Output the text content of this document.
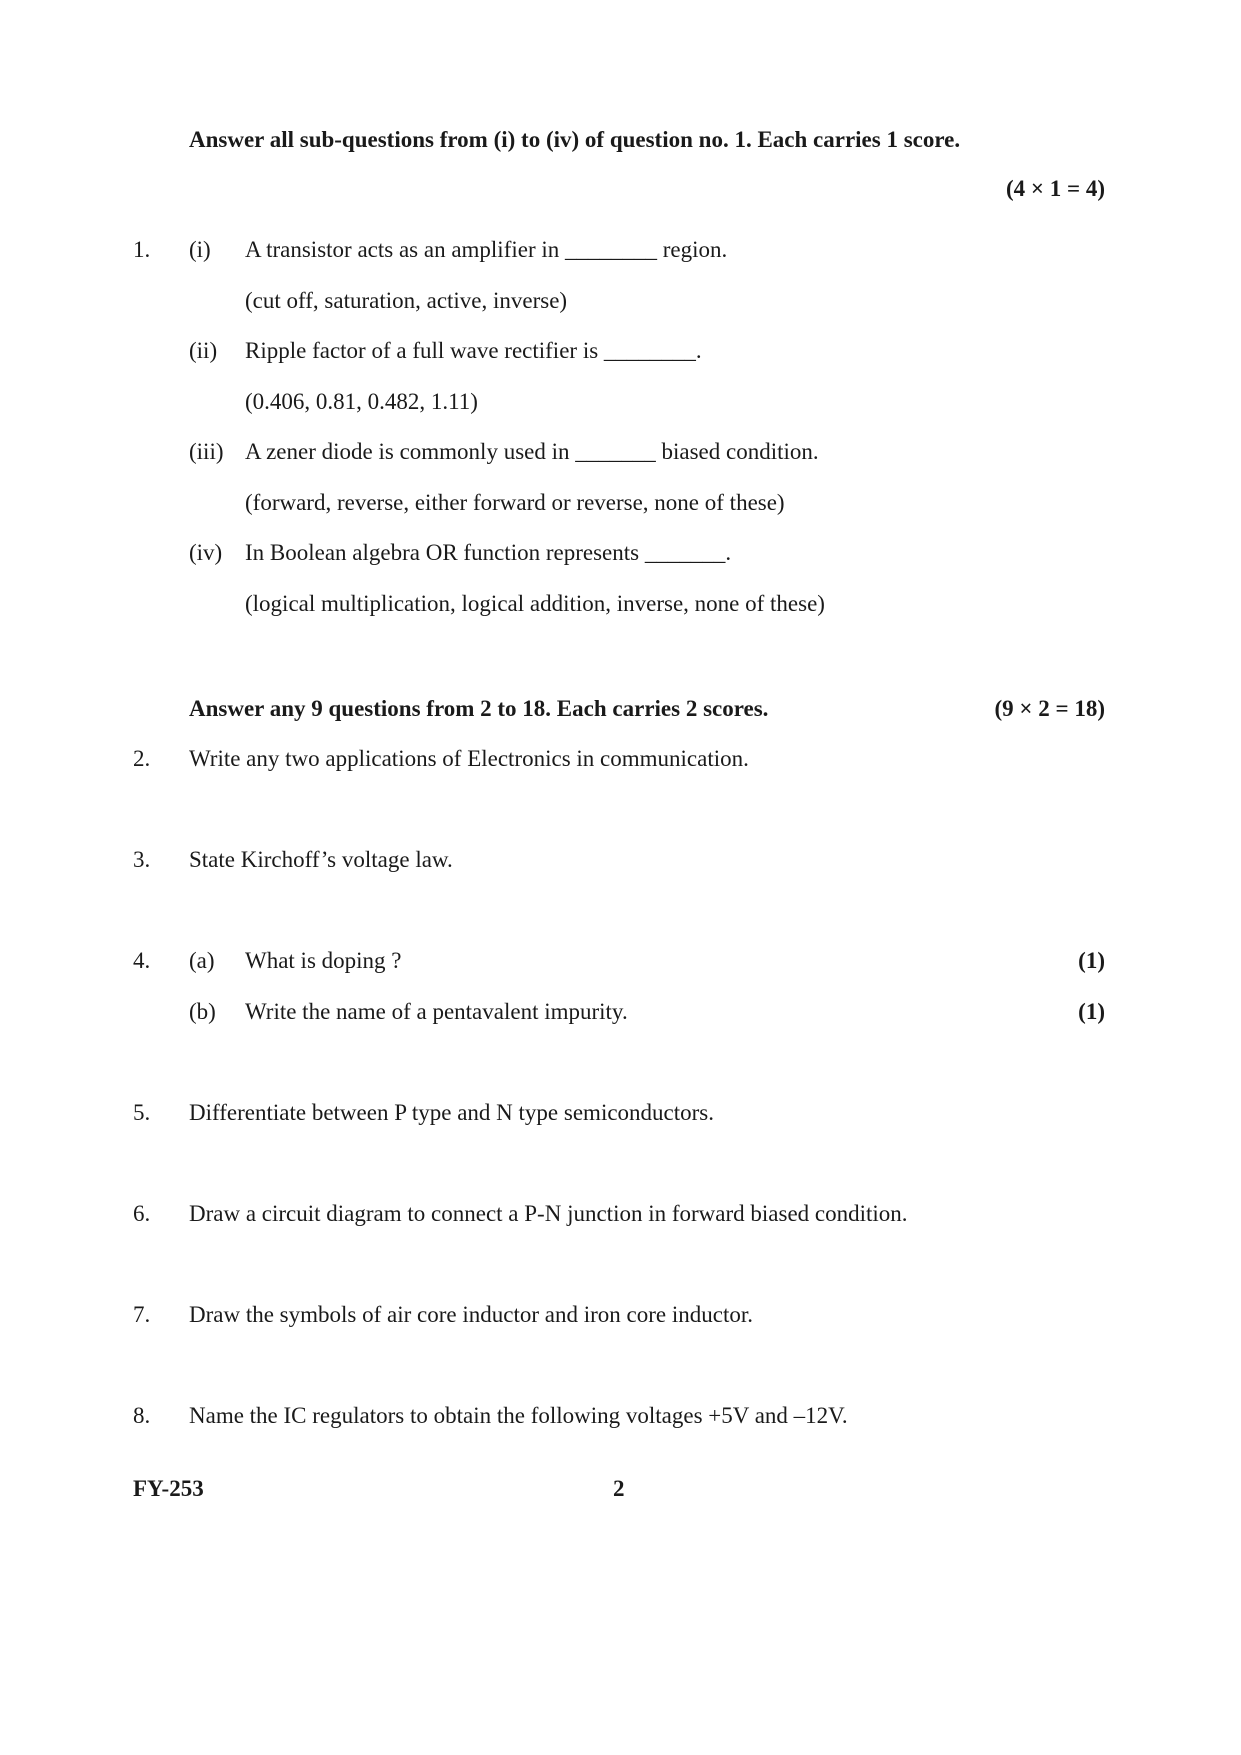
Answer all sub-questions from (i) to (iv) of question no. 1. Each carries 1 score.
(4 × 1 = 4)
1. (i) A transistor acts as an amplifier in ________ region.
(cut off, saturation, active, inverse)
(ii) Ripple factor of a full wave rectifier is ________.
(0.406, 0.81, 0.482, 1.11)
(iii) A zener diode is commonly used in _______ biased condition.
(forward, reverse, either forward or reverse, none of these)
(iv) In Boolean algebra OR function represents _______.
(logical multiplication, logical addition, inverse, none of these)
Answer any 9 questions from 2 to 18. Each carries 2 scores.	(9 × 2 = 18)
2. Write any two applications of Electronics in communication.
3. State Kirchoff’s voltage law.
4. (a) What is doping ?	(1)
(b) Write the name of a pentavalent impurity.	(1)
5. Differentiate between P type and N type semiconductors.
6. Draw a circuit diagram to connect a P-N junction in forward biased condition.
7. Draw the symbols of air core inductor and iron core inductor.
8. Name the IC regulators to obtain the following voltages +5V and –12V.
FY-253	2
